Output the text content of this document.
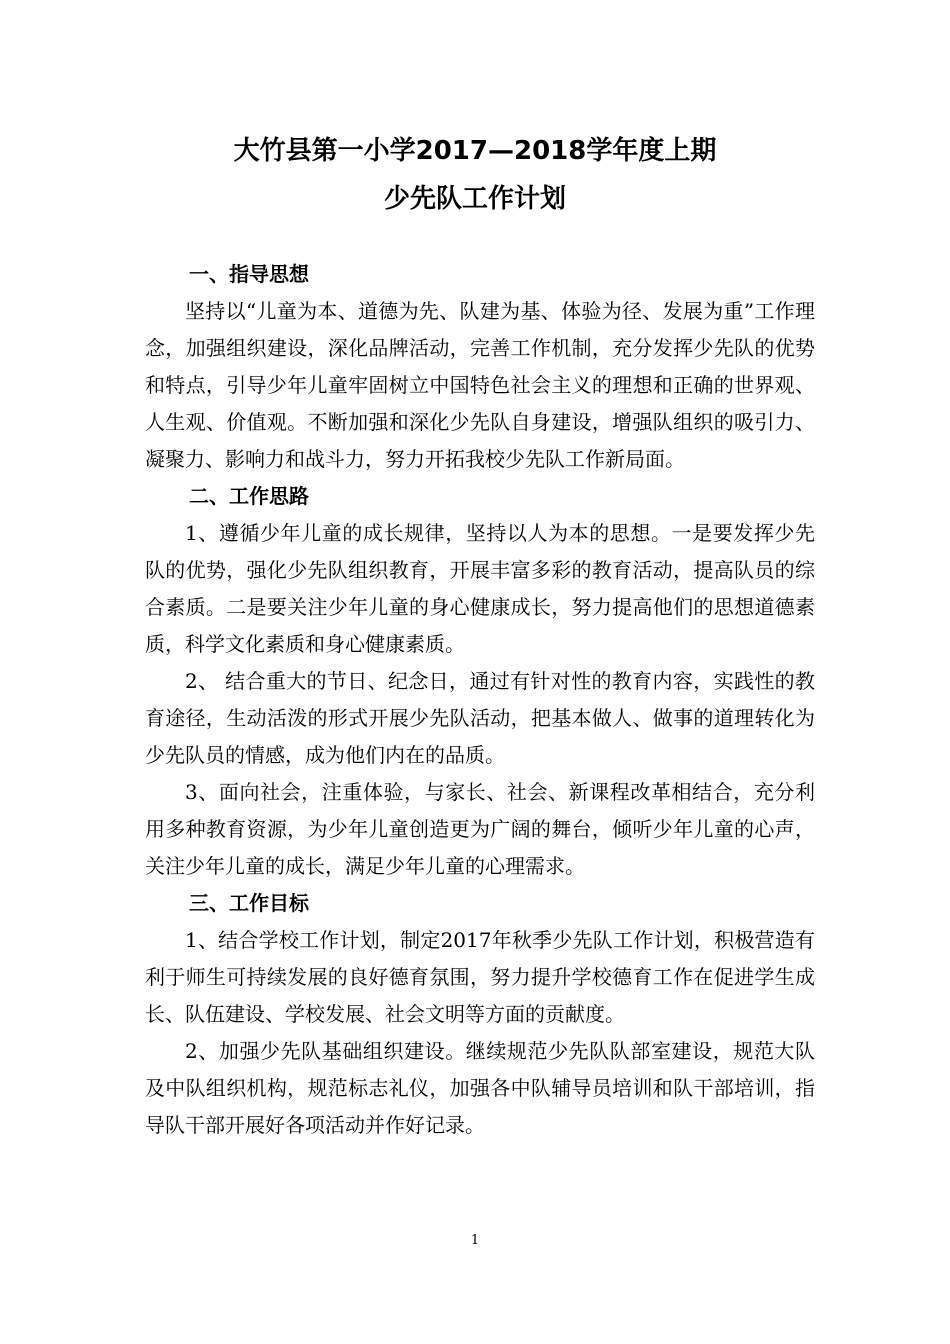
大竹县第一小学2017—2018学年度上期
少先队工作计划
一、指导思想

坚持以“儿童为本、道德为先、队建为基、体验为径、发展为重”工作理念，加强组织建设，深化品牌活动，完善工作机制，充分发挥少先队的优势和特点，引导少年儿童牢固树立中国特色社会主义的理想和正确的世界观、人生观、价值观。不断加强和深化少先队自身建设，增强队组织的吸引力、凝聚力、影响力和战斗力，努力开拓我校少先队工作新局面。

二、工作思路

1、遵循少年儿童的成长规律，坚持以人为本的思想。一是要发挥少先队的优势，强化少先队组织教育，开展丰富多彩的教育活动，提高队员的综合素质。二是要关注少年儿童的身心健康成长，努力提高他们的思想道德素质，科学文化素质和身心健康素质。

2、 结合重大的节日、纪念日，通过有针对性的教育内容，实践性的教育途径，生动活泼的形式开展少先队活动，把基本做人、做事的道理转化为少先队员的情感，成为他们内在的品质。

3、面向社会，注重体验，与家长、社会、新课程改革相结合，充分利用多种教育资源，为少年儿童创造更为广阔的舞台，倾听少年儿童的心声，关注少年儿童的成长，满足少年儿童的心理需求。

三、工作目标

1、结合学校工作计划，制定2017年秋季少先队工作计划，积极营造有利于师生可持续发展的良好德育氛围，努力提升学校德育工作在促进学生成长、队伍建设、学校发展、社会文明等方面的贡献度。

2、加强少先队基础组织建设。继续规范少先队队部室建设，规范大队及中队组织机构，规范标志礼仪，加强各中队辅导员培训和队干部培训，指导队干部开展好各项活动并作好记录。

1
